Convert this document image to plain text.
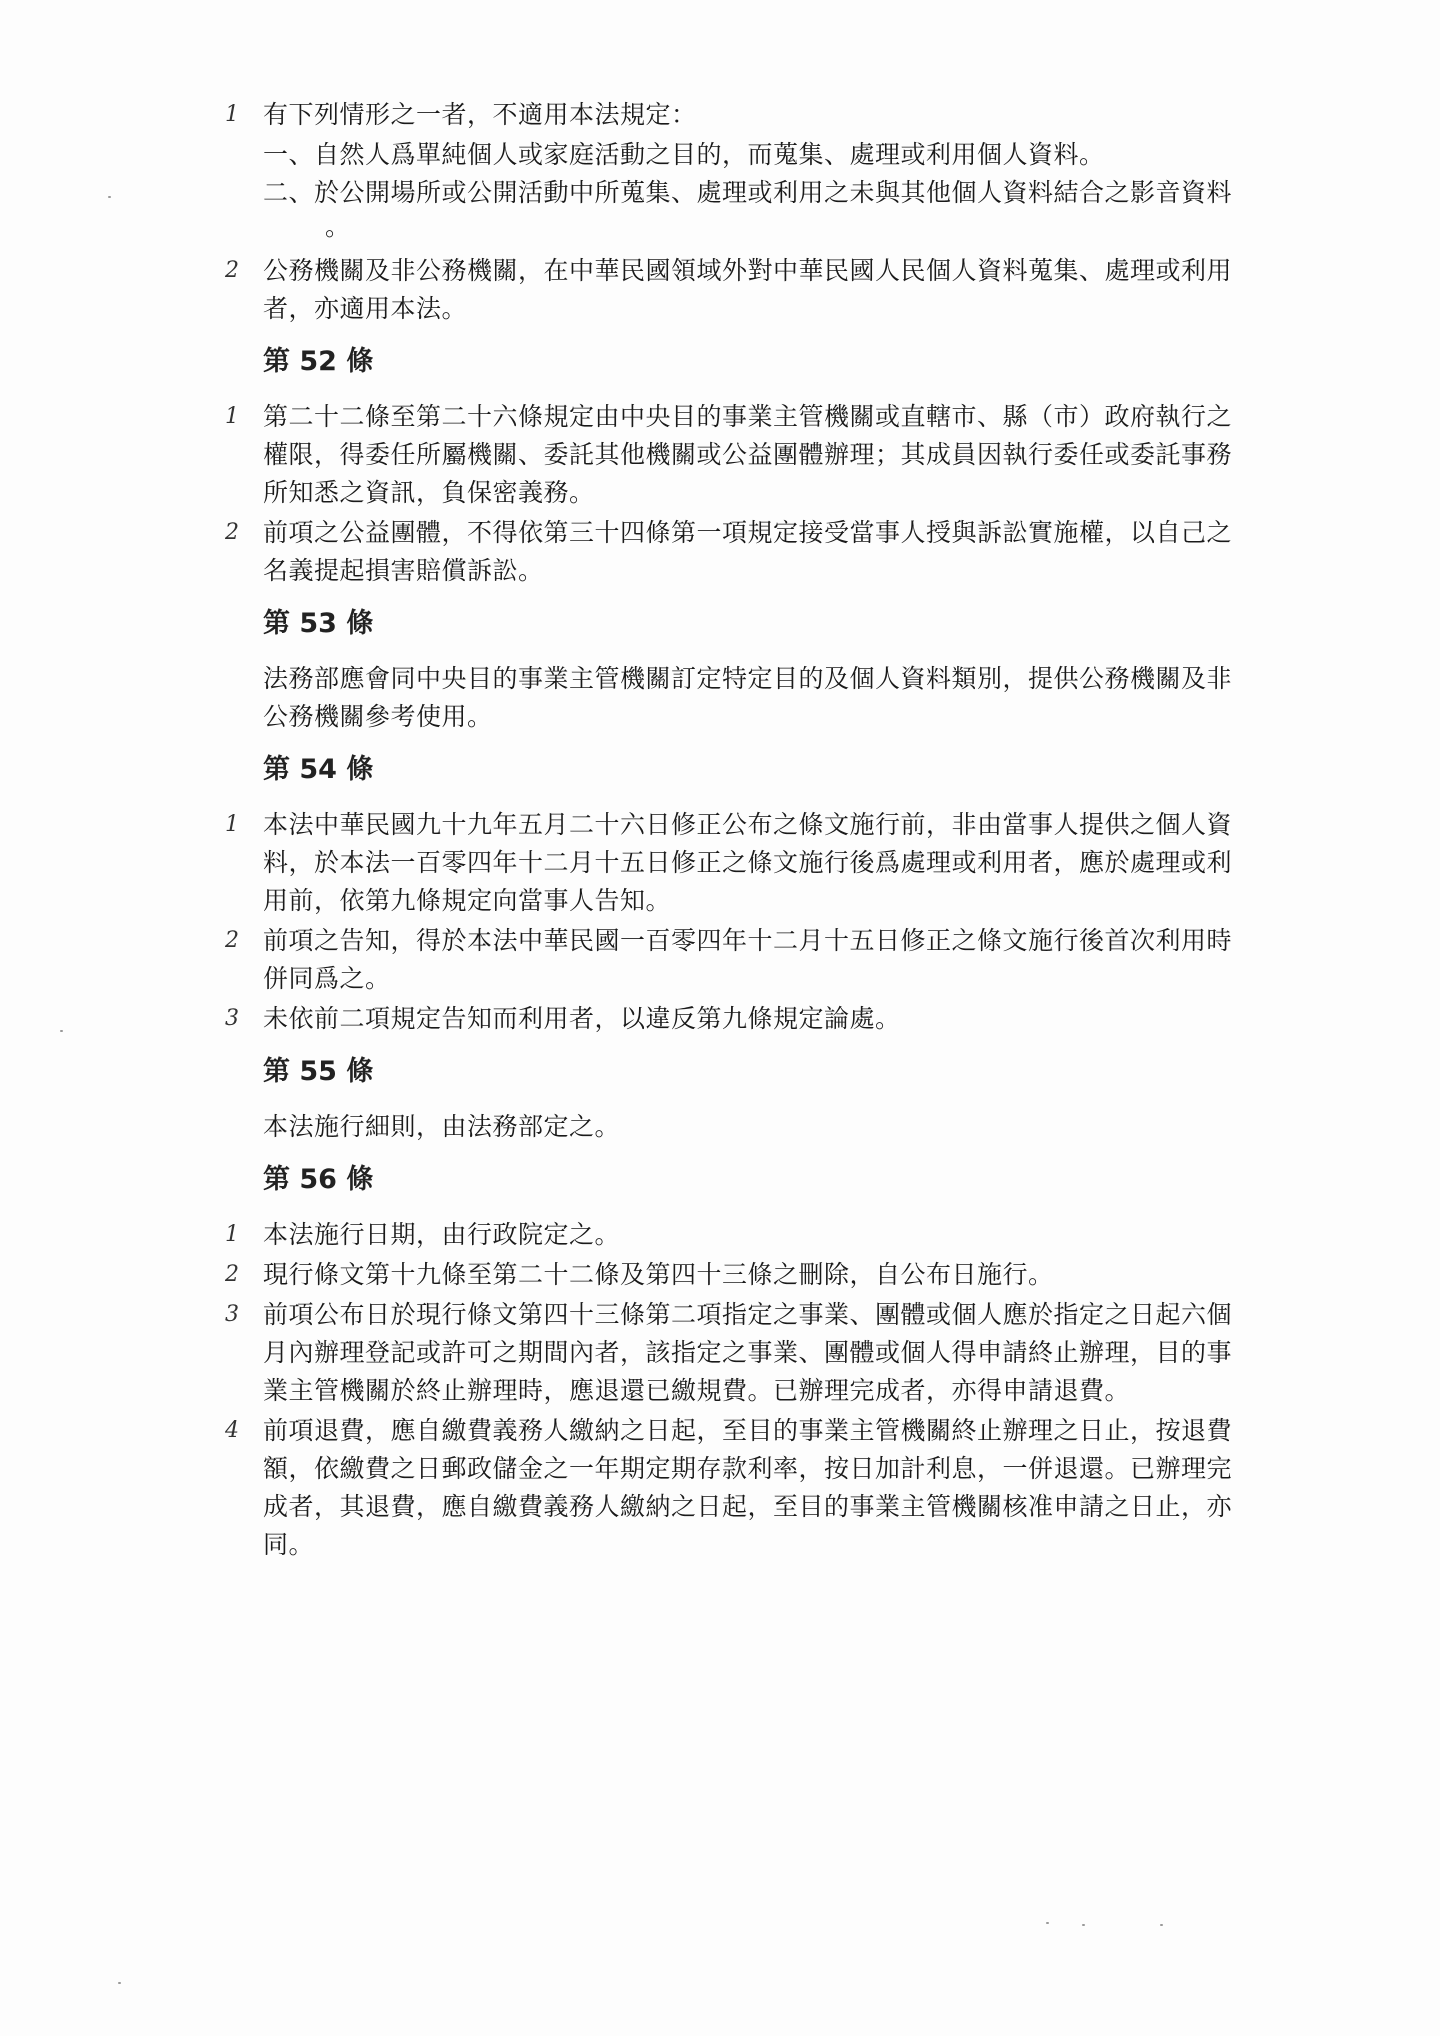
1 有下列情形之一者，不適用本法規定：
一、自然人爲單純個人或家庭活動之目的，而蒐集、處理或利用個人資料。
二、於公開場所或公開活動中所蒐集、處理或利用之未與其他個人資料結合之影音資料
。
2 公務機關及非公務機關，在中華民國領域外對中華民國人民個人資料蒐集、處理或利用者，亦適用本法。
第 52 條
1 第二十二條至第二十六條規定由中央目的事業主管機關或直轄市、縣（市）政府執行之權限，得委任所屬機關、委託其他機關或公益團體辦理；其成員因執行委任或委託事務所知悉之資訊，負保密義務。
2 前項之公益團體，不得依第三十四條第一項規定接受當事人授與訴訟實施權，以自己之名義提起損害賠償訴訟。
第 53 條
法務部應會同中央目的事業主管機關訂定特定目的及個人資料類別，提供公務機關及非公務機關參考使用。
第 54 條
1 本法中華民國九十九年五月二十六日修正公布之條文施行前，非由當事人提供之個人資料，於本法一百零四年十二月十五日修正之條文施行後爲處理或利用者，應於處理或利用前，依第九條規定向當事人告知。
2 前項之告知，得於本法中華民國一百零四年十二月十五日修正之條文施行後首次利用時併同爲之。
3 未依前二項規定告知而利用者，以違反第九條規定論處。
第 55 條
本法施行細則，由法務部定之。
第 56 條
1 本法施行日期，由行政院定之。
2 現行條文第十九條至第二十二條及第四十三條之刪除，自公布日施行。
3 前項公布日於現行條文第四十三條第二項指定之事業、團體或個人應於指定之日起六個月內辦理登記或許可之期間內者，該指定之事業、團體或個人得申請終止辦理，目的事業主管機關於終止辦理時，應退還已繳規費。已辦理完成者，亦得申請退費。
4 前項退費，應自繳費義務人繳納之日起，至目的事業主管機關終止辦理之日止，按退費額，依繳費之日郵政儲金之一年期定期存款利率，按日加計利息，一併退還。已辦理完成者，其退費，應自繳費義務人繳納之日起，至目的事業主管機關核准申請之日止，亦同。
